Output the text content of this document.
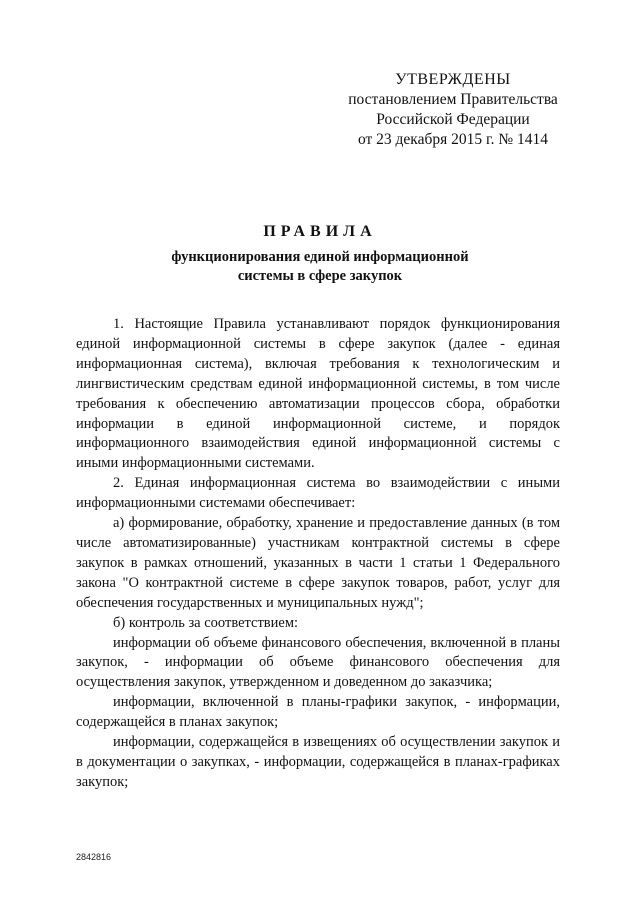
УТВЕРЖДЕНЫ
постановлением Правительства
Российской Федерации
от 23 декабря 2015 г. № 1414
ПРАВИЛА
функционирования единой информационной
системы в сфере закупок

1. Настоящие Правила устанавливают порядок функционирования единой информационной системы в сфере закупок (далее - единая информационная система), включая требования к технологическим и лингвистическим средствам единой информационной системы, в том числе требования к обеспечению автоматизации процессов сбора, обработки информации в единой информационной системе, и порядок информационного взаимодействия единой информационной системы с иными информационными системами.

2. Единая информационная система во взаимодействии с иными информационными системами обеспечивает:

а) формирование, обработку, хранение и предоставление данных (в том числе автоматизированные) участникам контрактной системы в сфере закупок в рамках отношений, указанных в части 1 статьи 1 Федерального закона "О контрактной системе в сфере закупок товаров, работ, услуг для обеспечения государственных и муниципальных нужд";

б) контроль за соответствием:

информации об объеме финансового обеспечения, включенной в планы закупок, - информации об объеме финансового обеспечения для осуществления закупок, утвержденном и доведенном до заказчика;

информации, включенной в планы-графики закупок, - информации, содержащейся в планах закупок;

информации, содержащейся в извещениях об осуществлении закупок и в документации о закупках, - информации, содержащейся в планах-графиках закупок;

2842816
